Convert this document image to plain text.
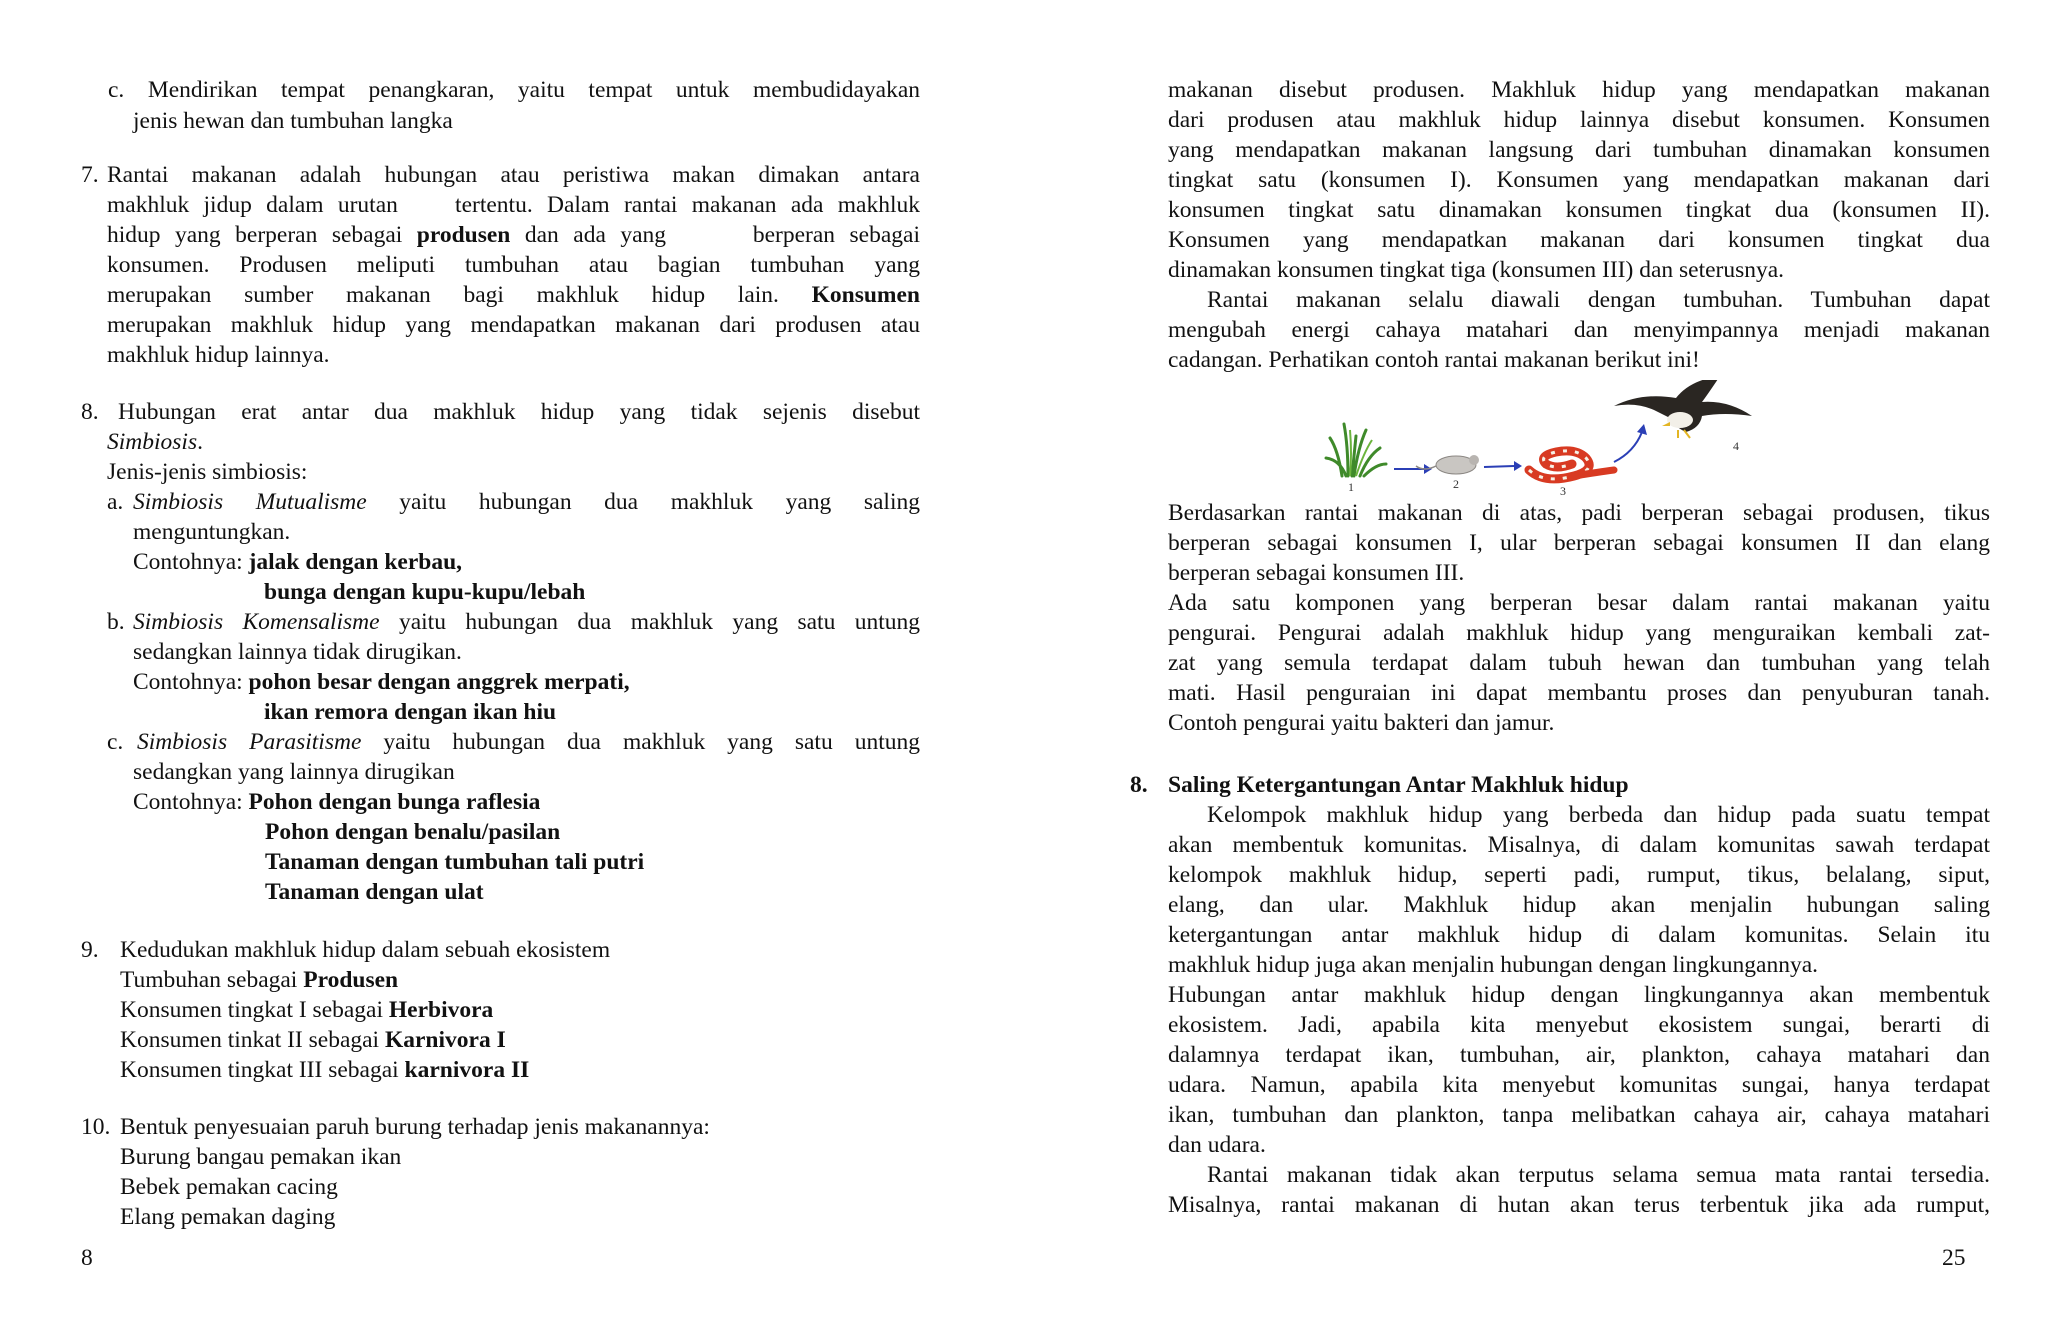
c. Mendirikan tempat penangkaran, yaitu tempat untuk membudidayakan
jenis hewan dan tumbuhan langka
7. Rantai makanan adalah hubungan atau peristiwa makan dimakan antara
makhluk jidup dalam urutan    tertentu. Dalam rantai makanan ada makhluk
hidup yang berperan sebagai produsen dan ada yang      berperan sebagai
konsumen. Produsen meliputi tumbuhan atau bagian tumbuhan yang
merupakan sumber makanan bagi makhluk hidup lain. Konsumen
merupakan makhluk hidup yang mendapatkan makanan dari produsen atau
makhluk hidup lainnya.
8. Hubungan erat antar dua makhluk hidup yang tidak sejenis disebut
Simbiosis.
Jenis-jenis simbiosis:
a. Simbiosis Mutualisme yaitu hubungan dua makhluk yang saling
menguntungkan.
Contohnya: jalak dengan kerbau,
bunga dengan kupu-kupu/lebah
b. Simbiosis Komensalisme yaitu hubungan dua makhluk yang satu untung
sedangkan lainnya tidak dirugikan.
Contohnya: pohon besar dengan anggrek merpati,
ikan remora dengan ikan hiu
c. Simbiosis Parasitisme yaitu hubungan dua makhluk yang satu untung
sedangkan yang lainnya dirugikan
Contohnya: Pohon dengan bunga raflesia
Pohon dengan benalu/pasilan
Tanaman dengan tumbuhan tali putri
Tanaman dengan ulat
9. Kedudukan makhluk hidup dalam sebuah ekosistem
Tumbuhan sebagai Produsen
Konsumen tingkat I sebagai Herbivora
Konsumen tinkat II sebagai Karnivora I
Konsumen tingkat III sebagai karnivora II
10. Bentuk penyesuaian paruh burung terhadap jenis makanannya:
Burung bangau pemakan ikan
Bebek pemakan cacing
Elang pemakan daging
8
makanan disebut produsen. Makhluk hidup yang mendapatkan makanan
dari produsen atau makhluk hidup lainnya disebut konsumen. Konsumen
yang mendapatkan makanan langsung dari tumbuhan dinamakan konsumen
tingkat satu (konsumen I). Konsumen yang mendapatkan makanan dari
konsumen tingkat satu dinamakan konsumen tingkat dua (konsumen II).
Konsumen yang mendapatkan makanan dari konsumen tingkat dua
dinamakan konsumen tingkat tiga (konsumen III) dan seterusnya.
Rantai makanan selalu diawali dengan tumbuhan. Tumbuhan dapat
mengubah energi cahaya matahari dan menyimpannya menjadi makanan
cadangan. Perhatikan contoh rantai makanan berikut ini!
1	2	3
4
Berdasarkan rantai makanan di atas, padi berperan sebagai produsen, tikus
berperan sebagai konsumen I, ular berperan sebagai konsumen II dan elang
berperan sebagai konsumen III.
Ada satu komponen yang berperan besar dalam rantai makanan yaitu
pengurai. Pengurai adalah makhluk hidup yang menguraikan kembali zat-
zat yang semula terdapat dalam tubuh hewan dan tumbuhan yang telah
mati. Hasil penguraian ini dapat membantu proses dan penyuburan tanah.
Contoh pengurai yaitu bakteri dan jamur.
8. Saling Ketergantungan Antar Makhluk hidup
Kelompok makhluk hidup yang berbeda dan hidup pada suatu tempat
akan membentuk komunitas. Misalnya, di dalam komunitas sawah terdapat
kelompok makhluk hidup, seperti padi, rumput, tikus, belalang, siput,
elang, dan ular. Makhluk hidup akan menjalin hubungan saling
ketergantungan antar makhluk hidup di dalam komunitas. Selain itu
makhluk hidup juga akan menjalin hubungan dengan lingkungannya.
Hubungan antar makhluk hidup dengan lingkungannya akan membentuk
ekosistem. Jadi, apabila kita menyebut ekosistem sungai, berarti di
dalamnya terdapat ikan, tumbuhan, air, plankton, cahaya matahari dan
udara. Namun, apabila kita menyebut komunitas sungai, hanya terdapat
ikan, tumbuhan dan plankton, tanpa melibatkan cahaya air, cahaya matahari
dan udara.
Rantai makanan tidak akan terputus selama semua mata rantai tersedia.
Misalnya, rantai makanan di hutan akan terus terbentuk jika ada rumput,
25
